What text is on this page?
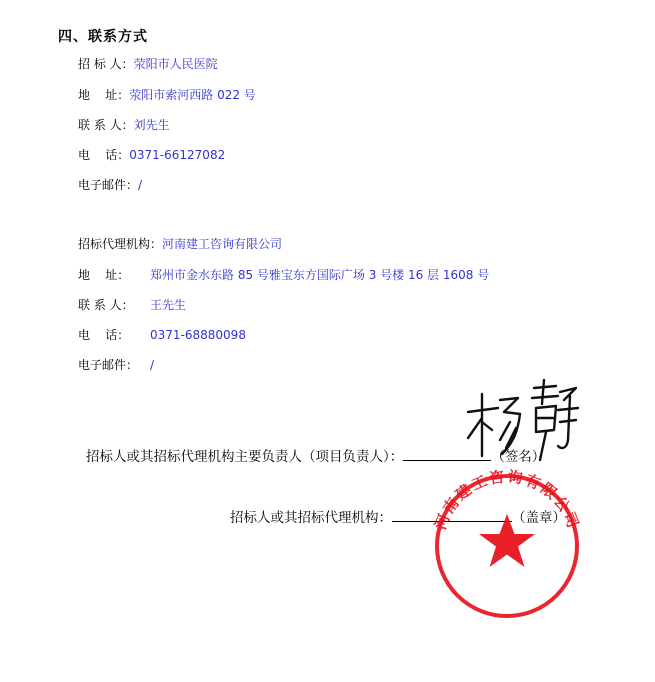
四、联系方式
招 标 人：荥阳市人民医院
地    址：荥阳市索河西路 022 号
联 系 人：刘先生
电    话：0371-66127082
电子邮件：/
招标代理机构：河南建工咨询有限公司
地    址： 郑州市金水东路 85 号雅宝东方国际广场 3 号楼 16 层 1608 号
联 系 人： 王先生
电    话： 0371-68880098
电子邮件： /
招标人或其招标代理机构主要负责人（项目负责人）：	（签名）
招标人或其招标代理机构：	（盖章）
河南建工咨询有限公司
